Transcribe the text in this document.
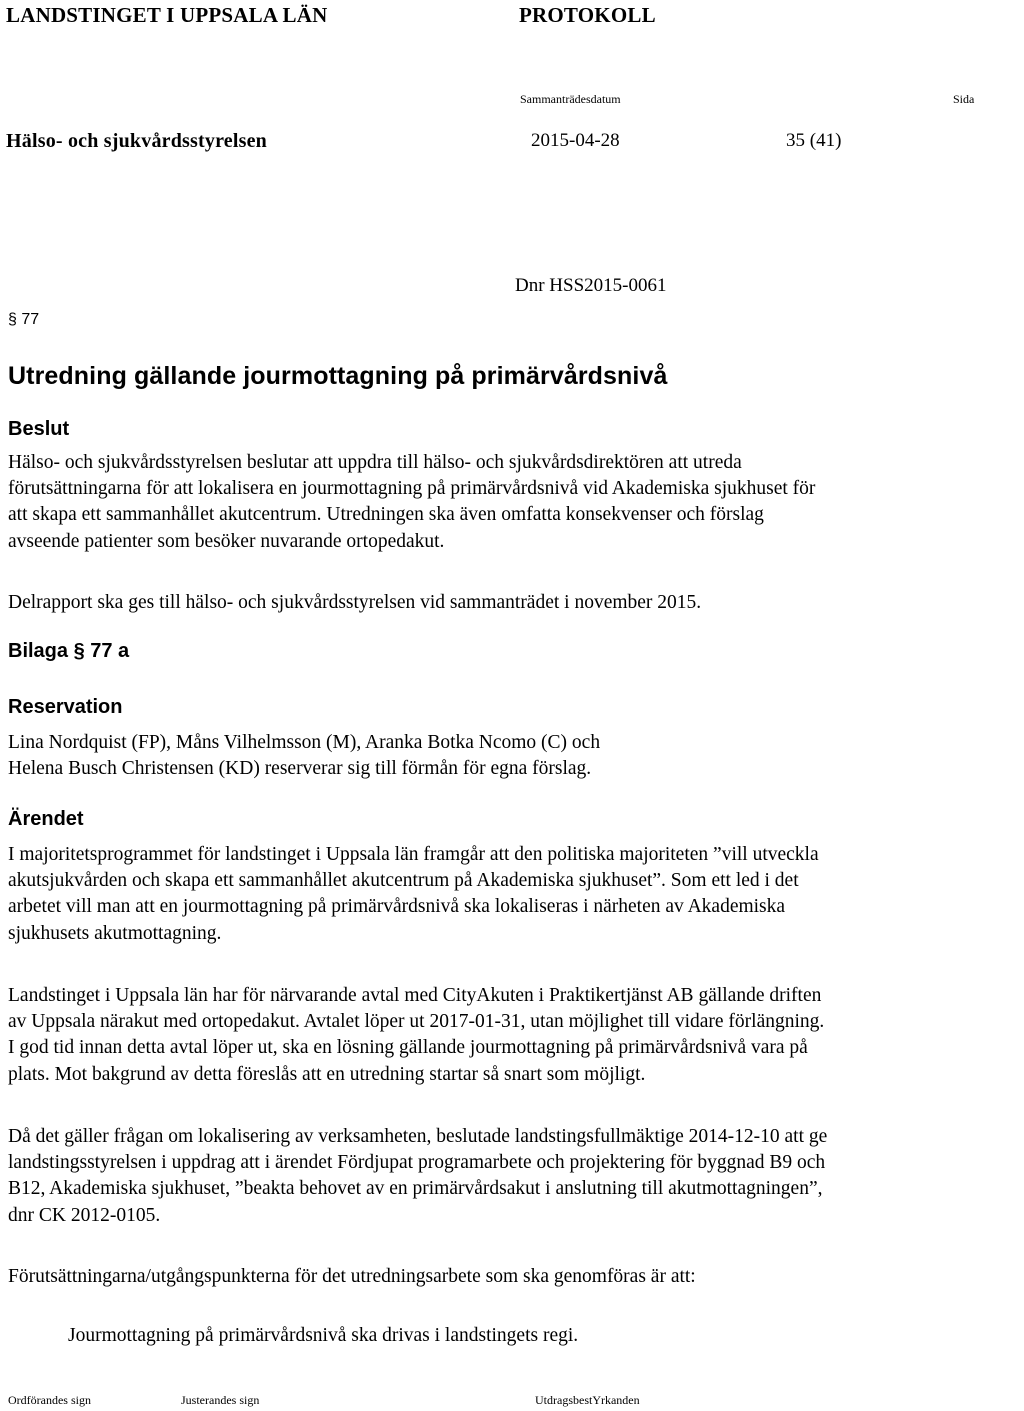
LANDSTINGET I UPPSALA LÄN	PROTOKOLL
Sammanträdesdatum	Sida
Hälso- och sjukvårdsstyrelsen	2015-04-28	35 (41)
Dnr HSS2015-0061
§ 77
Utredning gällande jourmottagning på primärvårdsnivå
Beslut
Hälso- och sjukvårdsstyrelsen beslutar att uppdra till hälso- och sjukvårdsdirektören att utreda
förutsättningarna för att lokalisera en jourmottagning på primärvårdsnivå vid Akademiska sjukhuset för
att skapa ett sammanhållet akutcentrum. Utredningen ska även omfatta konsekvenser och förslag
avseende patienter som besöker nuvarande ortopedakut.
Delrapport ska ges till hälso- och sjukvårdsstyrelsen vid sammanträdet i november 2015.
Bilaga § 77 a
Reservation
Lina Nordquist (FP), Måns Vilhelmsson (M), Aranka Botka Ncomo (C) och
Helena Busch Christensen (KD) reserverar sig till förmån för egna förslag.
Ärendet
I majoritetsprogrammet för landstinget i Uppsala län framgår att den politiska majoriteten ”vill utveckla
akutsjukvården och skapa ett sammanhållet akutcentrum på Akademiska sjukhuset”. Som ett led i det
arbetet vill man att en jourmottagning på primärvårdsnivå ska lokaliseras i närheten av Akademiska
sjukhusets akutmottagning.
Landstinget i Uppsala län har för närvarande avtal med CityAkuten i Praktikertjänst AB gällande driften
av Uppsala närakut med ortopedakut. Avtalet löper ut 2017-01-31, utan möjlighet till vidare förlängning.
I god tid innan detta avtal löper ut, ska en lösning gällande jourmottagning på primärvårdsnivå vara på
plats. Mot bakgrund av detta föreslås att en utredning startar så snart som möjligt.
Då det gäller frågan om lokalisering av verksamheten, beslutade landstingsfullmäktige 2014-12-10 att ge
landstingsstyrelsen i uppdrag att i ärendet Fördjupat programarbete och projektering för byggnad B9 och
B12, Akademiska sjukhuset, ”beakta behovet av en primärvårdsakut i anslutning till akutmottagningen”,
dnr CK 2012-0105.
Förutsättningarna/utgångspunkterna för det utredningsarbete som ska genomföras är att:
Jourmottagning på primärvårdsnivå ska drivas i landstingets regi.
Ordförandes sign	Justerandes sign	UtdragsbestYrkanden
